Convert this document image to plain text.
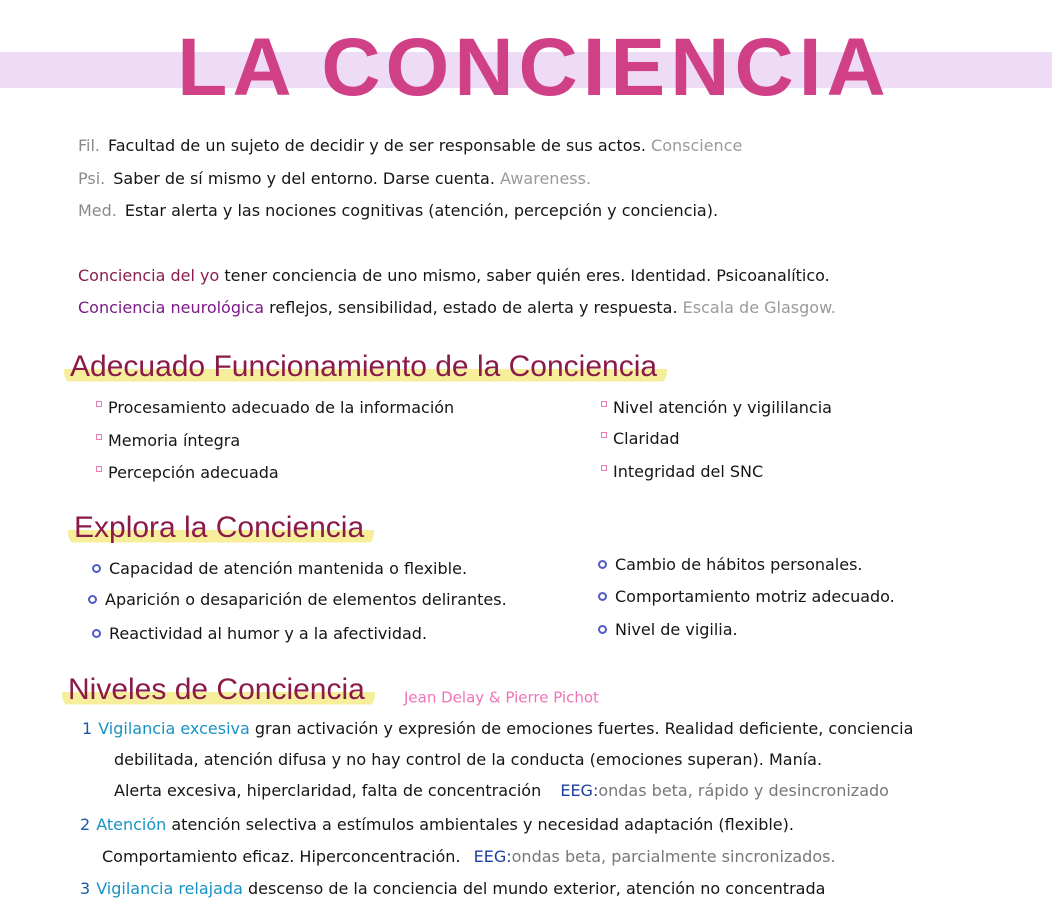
LA CONCIENCIA
Fil. Facultad de un sujeto de decidir y de ser responsable de sus actos. Conscience
Psi. Saber de sí mismo y del entorno. Darse cuenta. Awareness.
Med. Estar alerta y las nociones cognitivas (atención, percepción y conciencia).
Conciencia del yo tener conciencia de uno mismo, saber quién eres. Identidad. Psicoanalítico.
Conciencia neurológica reflejos, sensibilidad, estado de alerta y respuesta. Escala de Glasgow.
Adecuado Funcionamiento de la Conciencia
Procesamiento adecuado de la información
Memoria íntegra
Percepción adecuada
Nivel atención y vigililancia
Claridad
Integridad del SNC
Explora la Conciencia
Capacidad de atención mantenida o flexible.
Aparición o desaparición de elementos delirantes.
Reactividad al humor y a la afectividad.
Cambio de hábitos personales.
Comportamiento motriz adecuado.
Nivel de vigilia.
Niveles de Conciencia	Jean Delay & Pierre Pichot
1 Vigilancia excesiva gran activación y expresión de emociones fuertes. Realidad deficiente, conciencia
debilitada, atención difusa y no hay control de la conducta (emociones superan). Manía.
Alerta excesiva, hiperclaridad, falta de concentración EEG:ondas beta, rápido y desincronizado
2 Atención atención selectiva a estímulos ambientales y necesidad adaptación (flexible).
Comportamiento eficaz. Hiperconcentración. EEG:ondas beta, parcialmente sincronizados.
3 Vigilancia relajada descenso de la conciencia del mundo exterior, atención no concentrada
